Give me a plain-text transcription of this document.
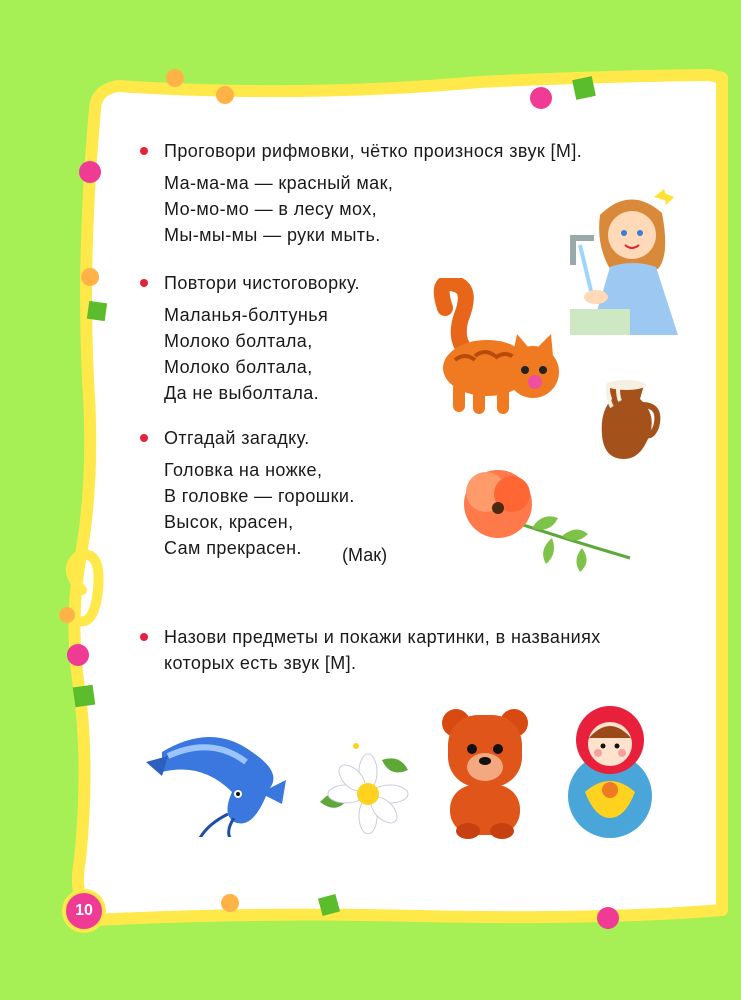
Проговори рифмовки, чётко произнося звук [М].
Ма-ма-ма — красный мак,
Мо-мо-мо — в лесу мох,
Мы-мы-мы — руки мыть.
Повтори чистоговорку.
Маланья-болтунья
Молоко болтала,
Молоко болтала,
Да не выболтала.
Отгадай загадку.
Головка на ножке,
В головке — горошки.
Высок, красен,
Сам прекрасен.	(Мак)
Назови предметы и покажи картинки, в названиях
которых есть звук [М].
10
